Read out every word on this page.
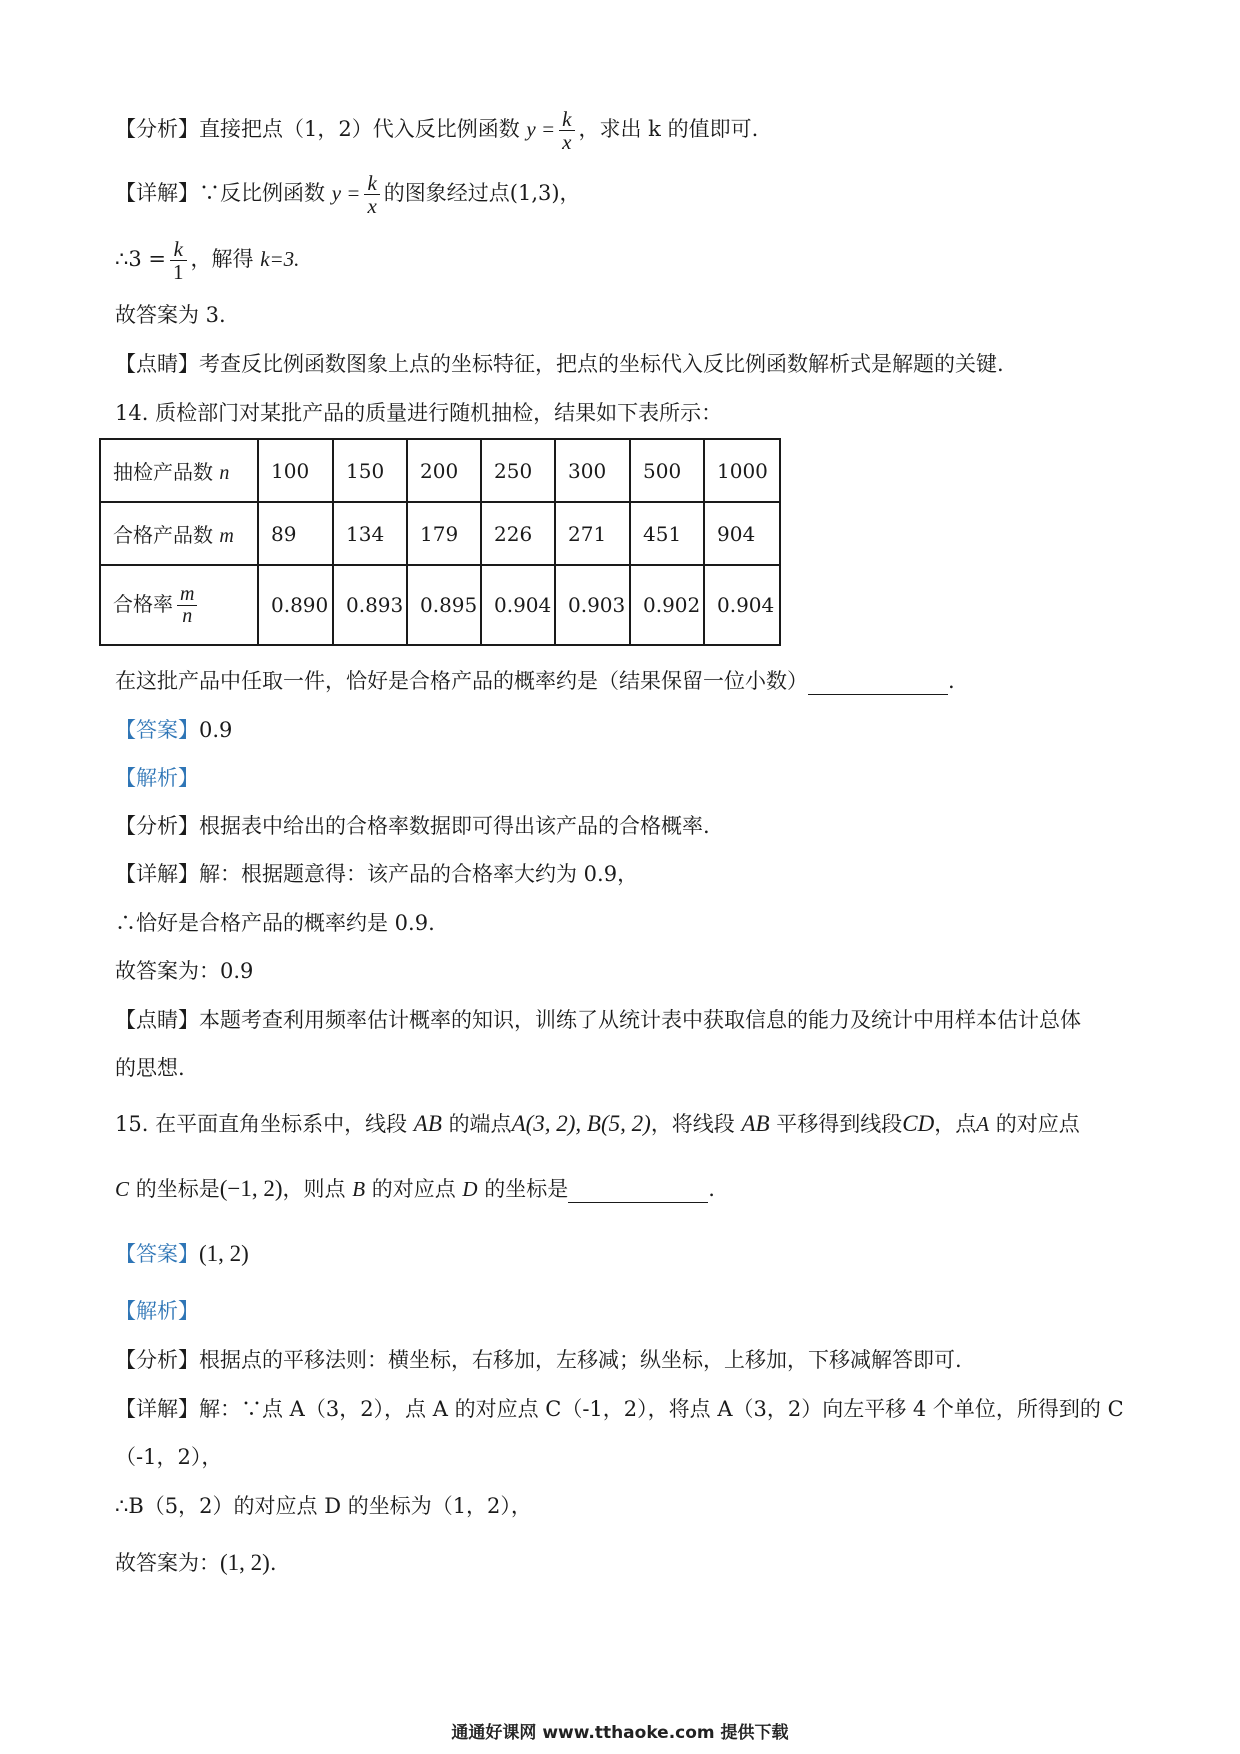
【分析】直接把点（1，2）代入反比例函数 $y = \frac{k}{x}$ ，求出 k 的值即可.
【详解】∵反比例函数 $y = \frac{k}{x}$ 的图象经过点(1,3)，
∴3 = $\frac{k}{1}$ ，解得 k=3.
故答案为 3.
【点睛】考查反比例函数图象上点的坐标特征，把点的坐标代入反比例函数解析式是解题的关键.
14. 质检部门对某批产品的质量进行随机抽检，结果如下表所示：
抽检产品数 n	100	150	200	250	300	500	1000
合格产品数 m	89	134	179	226	271	451	904
合格率 $\frac{m}{n}$	0.890	0.893	0.895	0.904	0.903	0.902	0.904
在这批产品中任取一件，恰好是合格产品的概率约是（结果保留一位小数）	.
【答案】0.9
【解析】
【分析】根据表中给出的合格率数据即可得出该产品的合格概率.
【详解】解：根据题意得：该产品的合格率大约为 0.9，
∴恰好是合格产品的概率约是 0.9.
故答案为：0.9
【点睛】本题考查利用频率估计概率的知识，训练了从统计表中获取信息的能力及统计中用样本估计总体
的思想.
15. 在平面直角坐标系中，线段 AB 的端点A(3, 2), B(5, 2)，将线段 AB 平移得到线段CD，点A 的对应点
C 的坐标是(−1, 2)，则点 B 的对应点 D 的坐标是	.
【答案】(1, 2)
【解析】
【分析】根据点的平移法则：横坐标，右移加，左移减；纵坐标，上移加，下移减解答即可.
【详解】解：∵点 A（3，2），点 A 的对应点 C（-1，2），将点 A（3，2）向左平移 4 个单位，所得到的 C
（-1，2），
∴B（5，2）的对应点 D 的坐标为（1，2），
故答案为：(1, 2).
通通好课网 www.tthaoke.com 提供下载
